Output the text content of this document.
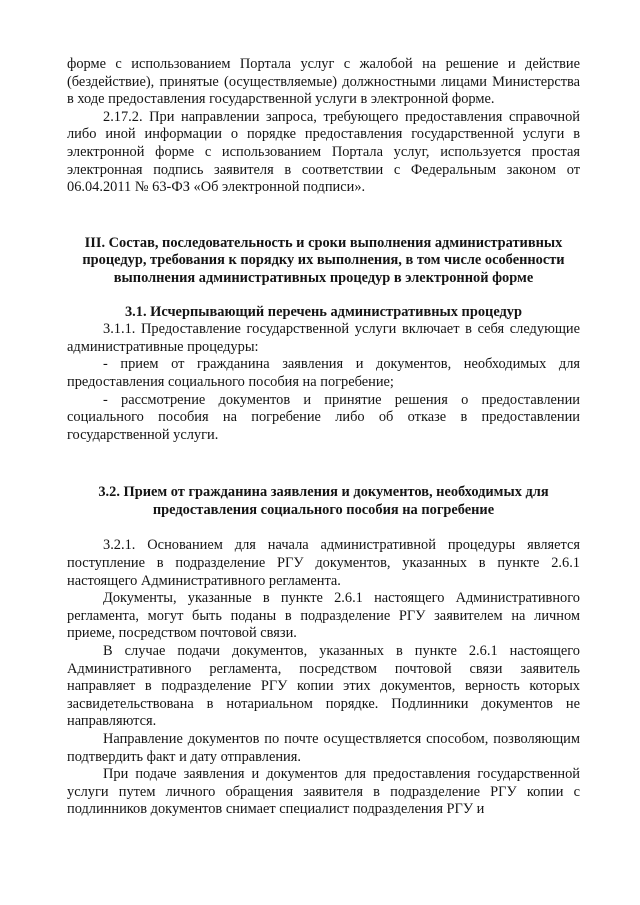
форме с использованием Портала услуг с жалобой на решение и действие (бездействие), принятые (осуществляемые) должностными лицами Министерства в ходе предоставления государственной услуги в электронной форме.

2.17.2. При направлении запроса, требующего предоставления справочной либо иной информации о порядке предоставления государственной услуги в электронной форме с использованием Портала услуг, используется простая электронная подпись заявителя в соответствии с Федеральным законом от 06.04.2011 № 63-ФЗ «Об электронной подписи».

III. Состав, последовательность и сроки выполнения административных процедур, требования к порядку их выполнения, в том числе особенности выполнения административных процедур в электронной форме
3.1. Исчерпывающий перечень административных процедур

3.1.1. Предоставление государственной услуги включает в себя следующие административные процедуры:

- прием от гражданина заявления и документов, необходимых для предоставления социального пособия на погребение;

- рассмотрение документов и принятие решения о предоставлении социального пособия на погребение либо об отказе в предоставлении государственной услуги.

3.2. Прием от гражданина заявления и документов, необходимых для предоставления социального пособия на погребение

3.2.1. Основанием для начала административной процедуры является поступление в подразделение РГУ документов, указанных в пункте 2.6.1 настоящего Административного регламента.

Документы, указанные в пункте 2.6.1 настоящего Административного регламента, могут быть поданы в подразделение РГУ заявителем на личном приеме, посредством почтовой связи.

В случае подачи документов, указанных в пункте 2.6.1 настоящего Административного регламента, посредством почтовой связи заявитель направляет в подразделение РГУ копии этих документов, верность которых засвидетельствована в нотариальном порядке. Подлинники документов не направляются.

Направление документов по почте осуществляется способом, позволяющим подтвердить факт и дату отправления.

При подаче заявления и документов для предоставления государственной услуги путем личного обращения заявителя в подразделение РГУ копии с подлинников документов снимает специалист подразделения РГУ и
